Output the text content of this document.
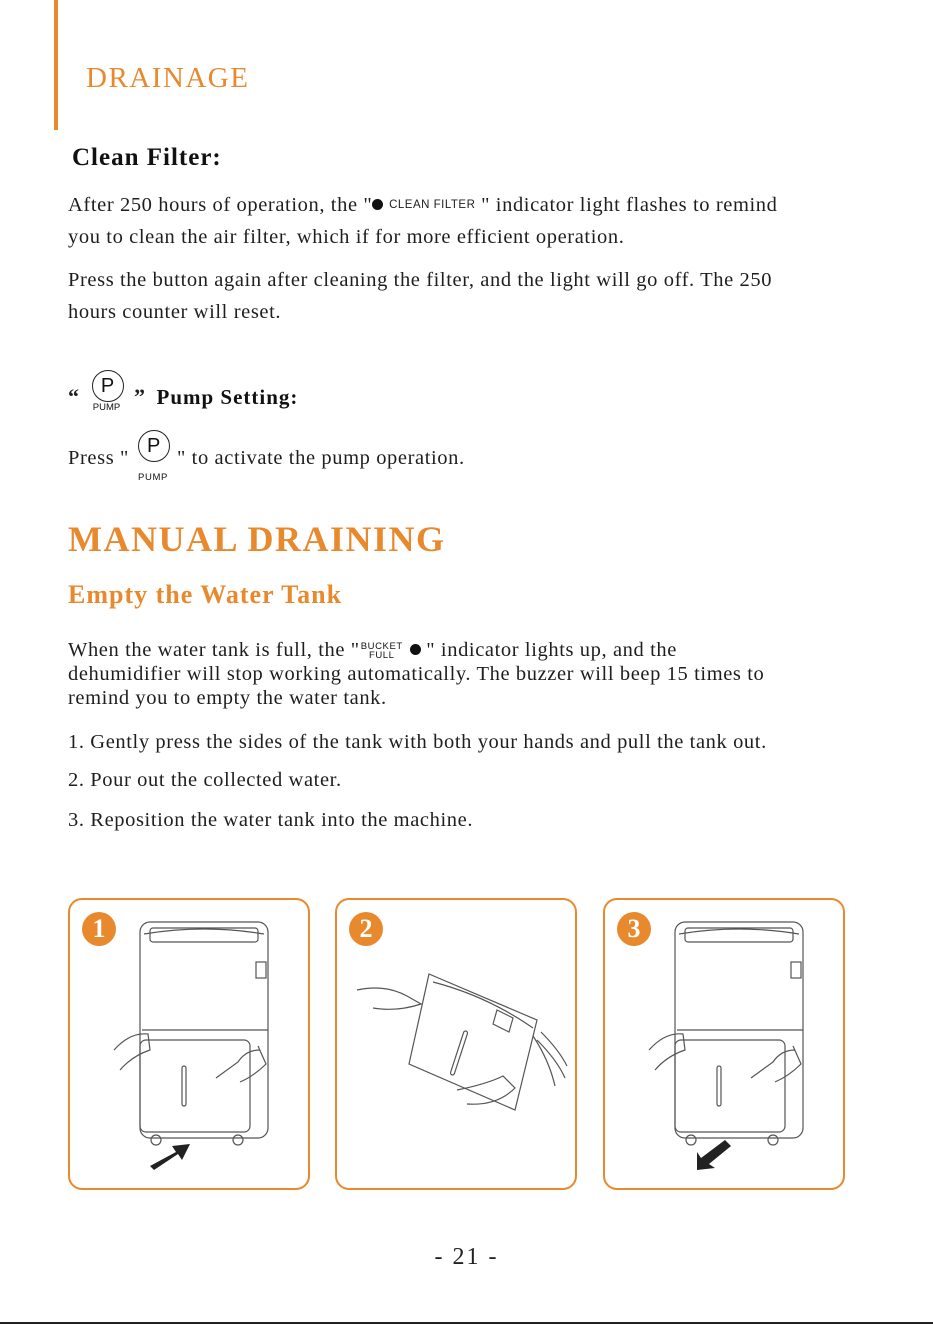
DRAINAGE
Clean Filter:
After 250 hours of operation, the " CLEAN FILTER " indicator light flashes to remind
you to clean the air filter, which if for more efficient operation.
Press the button again after cleaning the filter, and the light will go off. The 250
hours counter will reset.
“	P
PUMP ” Pump Setting:
Press "
P
PUMP
" to activate the pump operation.
MANUAL DRAINING
Empty the Water Tank
When the water tank is full, the " BUCKET
FULL	" indicator lights up, and the
dehumidifier will stop working automatically. The buzzer will beep 15 times to
remind you to empty the water tank.
1. Gently press the sides of the tank with both your hands and pull the tank out.
2. Pour out the collected water.
3. Reposition the water tank into the machine.
1	2	3
- 21 -
